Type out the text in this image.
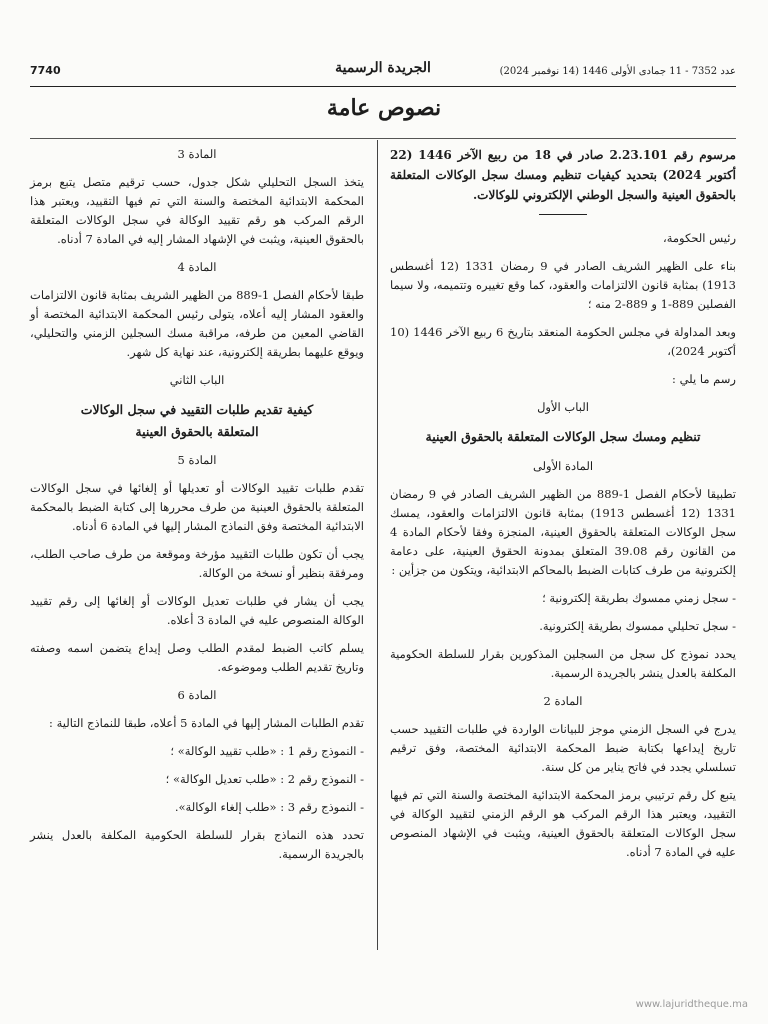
7740	الجريدة الرسمية	عدد 7352 - 11 جمادى الأولى 1446 (14 نوفمبر 2024)
نصوص عامة

مرسوم رقم 2.23.101 صادر في 18 من ربيع الآخر 1446 (22 أكتوبر 2024) بتحديد كيفيات تنظيم ومسك سجل الوكالات المتعلقة بالحقوق العينية والسجل الوطني الإلكتروني للوكالات.

رئيس الحكومة،

بناء على الظهير الشريف الصادر في 9 رمضان 1331 (12 أغسطس 1913) بمثابة قانون الالتزامات والعقود، كما وقع تغييره وتتميمه، ولا سيما الفصلين 889-1 و 889-2 منه ؛

وبعد المداولة في مجلس الحكومة المنعقد بتاريخ 6 ربيع الآخر 1446 (10 أكتوبر 2024)،

رسم ما يلي :

الباب الأول

تنظيم ومسك سجل الوكالات المتعلقة بالحقوق العينية

المادة الأولى

تطبيقا لأحكام الفصل 1-889 من الظهير الشريف الصادر في 9 رمضان 1331 (12 أغسطس 1913) بمثابة قانون الالتزامات والعقود، يمسك سجل الوكالات المتعلقة بالحقوق العينية، المنجزة وفقا لأحكام المادة 4 من القانون رقم 39.08 المتعلق بمدونة الحقوق العينية، على دعامة إلكترونية من طرف كتابات الضبط بالمحاكم الابتدائية، ويتكون من جزأين :

- سجل زمني ممسوك بطريقة إلكترونية ؛

- سجل تحليلي ممسوك بطريقة إلكترونية.

يحدد نموذج كل سجل من السجلين المذكورين بقرار للسلطة الحكومية المكلفة بالعدل ينشر بالجريدة الرسمية.

المادة 2

يدرج في السجل الزمني موجز للبيانات الواردة في طلبات التقييد حسب تاريخ إيداعها بكتابة ضبط المحكمة الابتدائية المختصة، وفق ترقيم تسلسلي يجدد في فاتح يناير من كل سنة.

يتبع كل رقم ترتيبي برمز المحكمة الابتدائية المختصة والسنة التي تم فيها التقييد، ويعتبر هذا الرقم المركب هو الرقم الزمني لتقييد الوكالة في سجل الوكالات المتعلقة بالحقوق العينية، ويثبت في الإشهاد المنصوص عليه في المادة 7 أدناه.

المادة 3

يتخذ السجل التحليلي شكل جدول، حسب ترقيم متصل يتبع برمز المحكمة الابتدائية المختصة والسنة التي تم فيها التقييد، ويعتبر هذا الرقم المركب هو رقم تقييد الوكالة في سجل الوكالات المتعلقة بالحقوق العينية، ويثبت في الإشهاد المشار إليه في المادة 7 أدناه.

المادة 4

طبقا لأحكام الفصل 1-889 من الظهير الشريف بمثابة قانون الالتزامات والعقود المشار إليه أعلاه، يتولى رئيس المحكمة الابتدائية المختصة أو القاضي المعين من طرفه، مراقبة مسك السجلين الزمني والتحليلي، ويوقع عليهما بطريقة إلكترونية، عند نهاية كل شهر.

الباب الثاني

كيفية تقديم طلبات التقييد في سجل الوكالات
المتعلقة بالحقوق العينية

المادة 5

تقدم طلبات تقييد الوكالات أو تعديلها أو إلغائها في سجل الوكالات المتعلقة بالحقوق العينية من طرف محررها إلى كتابة الضبط بالمحكمة الابتدائية المختصة وفق النماذج المشار إليها في المادة 6 أدناه.

يجب أن تكون طلبات التقييد مؤرخة وموقعة من طرف صاحب الطلب، ومرفقة بنظير أو نسخة من الوكالة.

يجب أن يشار في طلبات تعديل الوكالات أو إلغائها إلى رقم تقييد الوكالة المنصوص عليه في المادة 3 أعلاه.

يسلم كاتب الضبط لمقدم الطلب وصل إيداع يتضمن اسمه وصفته وتاريخ تقديم الطلب وموضوعه.

المادة 6

تقدم الطلبات المشار إليها في المادة 5 أعلاه، طبقا للنماذج التالية :

- النموذج رقم 1 : «طلب تقييد الوكالة» ؛

- النموذج رقم 2 : «طلب تعديل الوكالة» ؛

- النموذج رقم 3 : «طلب إلغاء الوكالة».

تحدد هذه النماذج بقرار للسلطة الحكومية المكلفة بالعدل ينشر بالجريدة الرسمية.

www.lajuridtheque.ma
